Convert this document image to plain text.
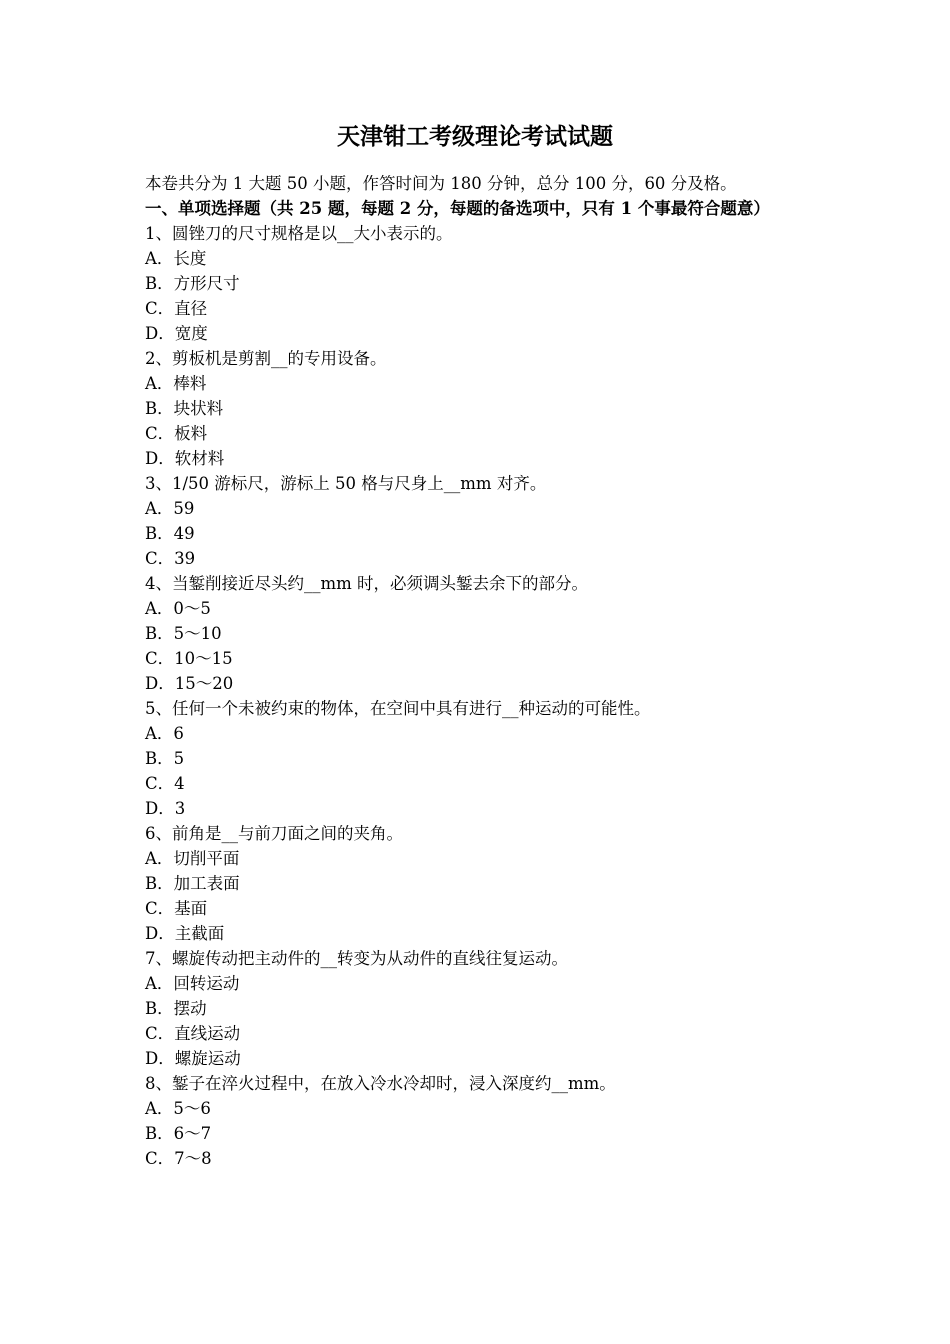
天津钳工考级理论考试试题
本卷共分为 1 大题 50 小题，作答时间为 180 分钟，总分 100 分，60 分及格。
一、单项选择题（共 25 题，每题 2 分，每题的备选项中，只有 1 个事最符合题意）
1、圆锉刀的尺寸规格是以__大小表示的。
A．长度
B．方形尺寸
C．直径
D．宽度
2、剪板机是剪割__的专用设备。
A．棒料
B．块状料
C．板料
D．软材料
3、1/50 游标尺，游标上 50 格与尺身上__mm 对齐。
A．59
B．49
C．39
4、当錾削接近尽头约__mm 时，必须调头錾去余下的部分。
A．0～5
B．5～10
C．10～15
D．15～20
5、任何一个未被约束的物体，在空间中具有进行__种运动的可能性。
A．6
B．5
C．4
D．3
6、前角是__与前刀面之间的夹角。
A．切削平面
B．加工表面
C．基面
D．主截面
7、螺旋传动把主动件的__转变为从动件的直线往复运动。
A．回转运动
B．摆动
C．直线运动
D．螺旋运动
8、錾子在淬火过程中，在放入冷水冷却时，浸入深度约__mm。
A．5～6
B．6～7
C．7～8
